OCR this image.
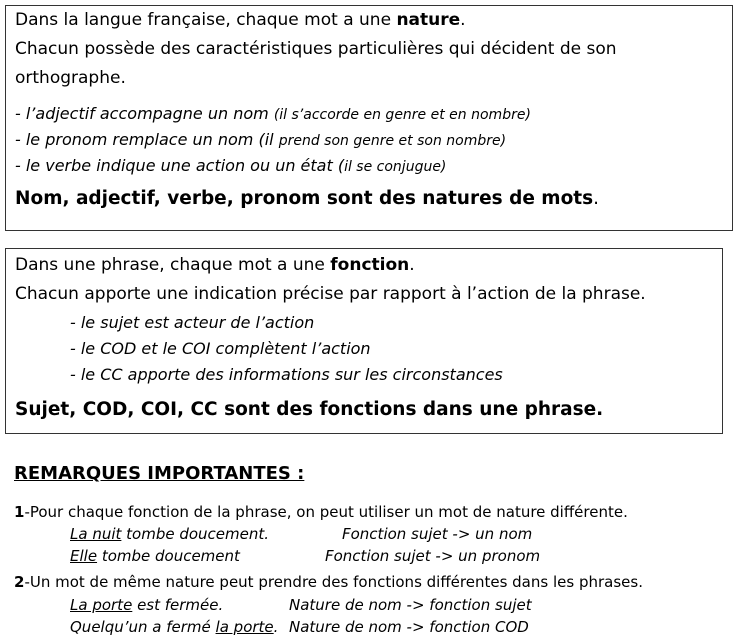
Dans la langue française, chaque mot a une nature.
Chacun possède des caractéristiques particulières qui décident de son
orthographe.
- l’adjectif accompagne un nom (il s’accorde en genre et en nombre)
- le pronom remplace un nom (il prend son genre et son nombre)
- le verbe indique une action ou un état (il se conjugue)
Nom, adjectif, verbe, pronom sont des natures de mots.
Dans une phrase, chaque mot a une fonction.
Chacun apporte une indication précise par rapport à l’action de la phrase.
- le sujet est acteur de l’action
- le COD et le COI complètent l’action
- le CC apporte des informations sur les circonstances
Sujet, COD, COI, CC sont des fonctions dans une phrase.
REMARQUES IMPORTANTES :
1-Pour chaque fonction de la phrase, on peut utiliser un mot de nature différente.
La nuit tombe doucement.	Fonction sujet -> un nom
Elle tombe doucement	Fonction sujet -> un pronom
2-Un mot de même nature peut prendre des fonctions différentes dans les phrases.
La porte est fermée.	Nature de nom -> fonction sujet
Quelqu’un a fermé la porte. Nature de nom -> fonction COD
